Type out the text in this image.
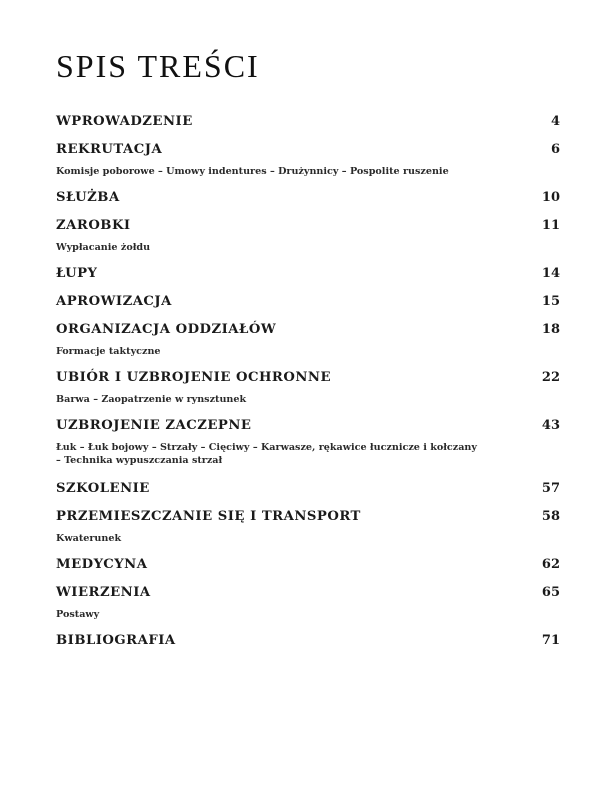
SPIS TREŚCI
WPROWADZENIE	4
REKRUTACJA	6
Komisje poborowe – Umowy indentures – Drużynnicy – Pospolite ruszenie
SŁUŻBA	10
ZAROBKI	11
Wypłacanie żołdu
ŁUPY	14
APROWIZACJA	15
ORGANIZACJA ODDZIAŁÓW	18
Formacje taktyczne
UBIÓR I UZBROJENIE OCHRONNE	22
Barwa – Zaopatrzenie w rynsztunek
UZBROJENIE ZACZEPNE	43
Łuk – Łuk bojowy – Strzały – Cięciwy – Karwasze, rękawice łucznicze i kołczany
– Technika wypuszczania strzał
SZKOLENIE	57
PRZEMIESZCZANIE SIĘ I TRANSPORT	58
Kwaterunek
MEDYCYNA	62
WIERZENIA	65
Postawy
BIBLIOGRAFIA	71
